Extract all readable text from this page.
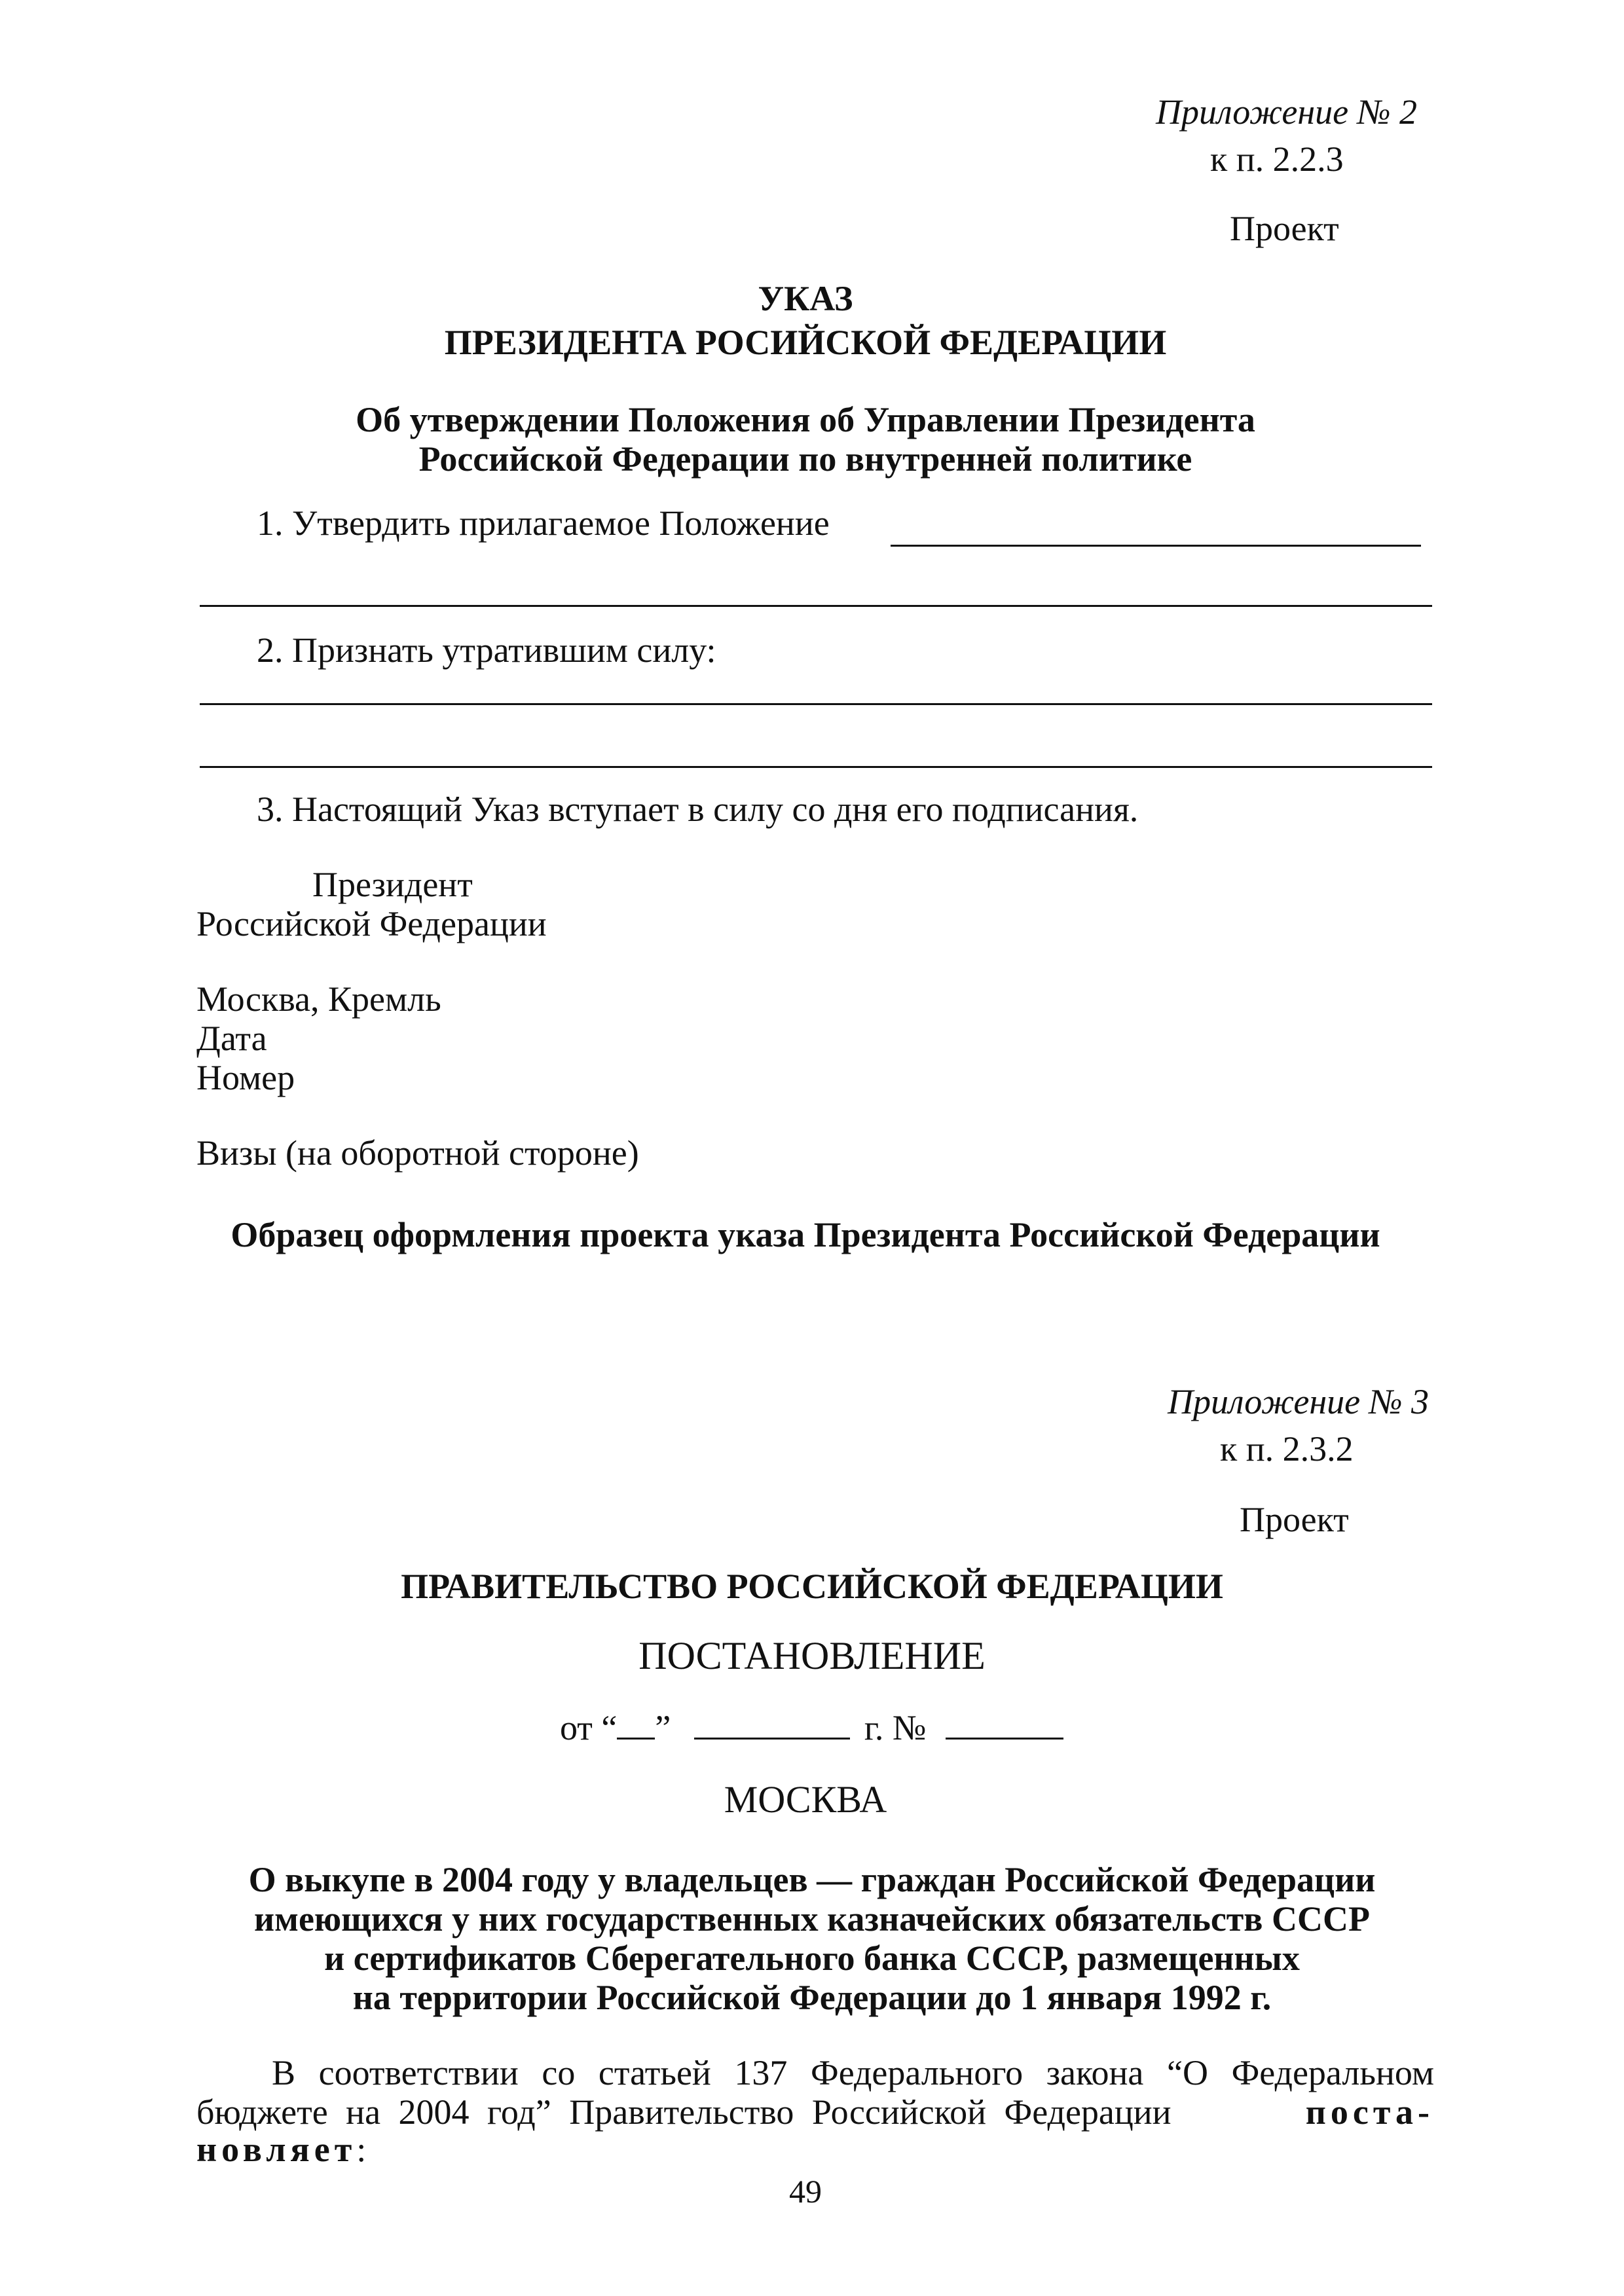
Приложение № 2
к п. 2.2.3
Проект
УКАЗ
ПРЕЗИДЕНТА РОСИЙСКОЙ ФЕДЕРАЦИИ
Об утверждении Положения об Управлении Президента
Российской Федерации по внутренней политике
1. Утвердить прилагаемое Положение
2. Признать утратившим силу:
3. Настоящий Указ вступает в силу со дня его подписания.
Президент
Российской Федерации
Москва, Кремль
Дата
Номер
Визы (на оборотной стороне)
Образец оформления проекта указа Президента Российской Федерации
Приложение № 3
к п. 2.3.2
Проект
ПРАВИТЕЛЬСТВО РОССИЙСКОЙ ФЕДЕРАЦИИ
ПОСТАНОВЛЕНИЕ
от “ ”	г. №
МОСКВА
О выкупе в 2004 году у владельцев — граждан Российской Федерации
имеющихся у них государственных казначейских обязательств СССР
и сертификатов Сберегательного банка СССР, размещенных
на территории Российской Федерации до 1 января 1992 г.
В соответствии со статьей 137 Федерального закона “О Федеральном
бюджете на 2004 год” Правительство Российской Федерации	поста-
новляет:
49
